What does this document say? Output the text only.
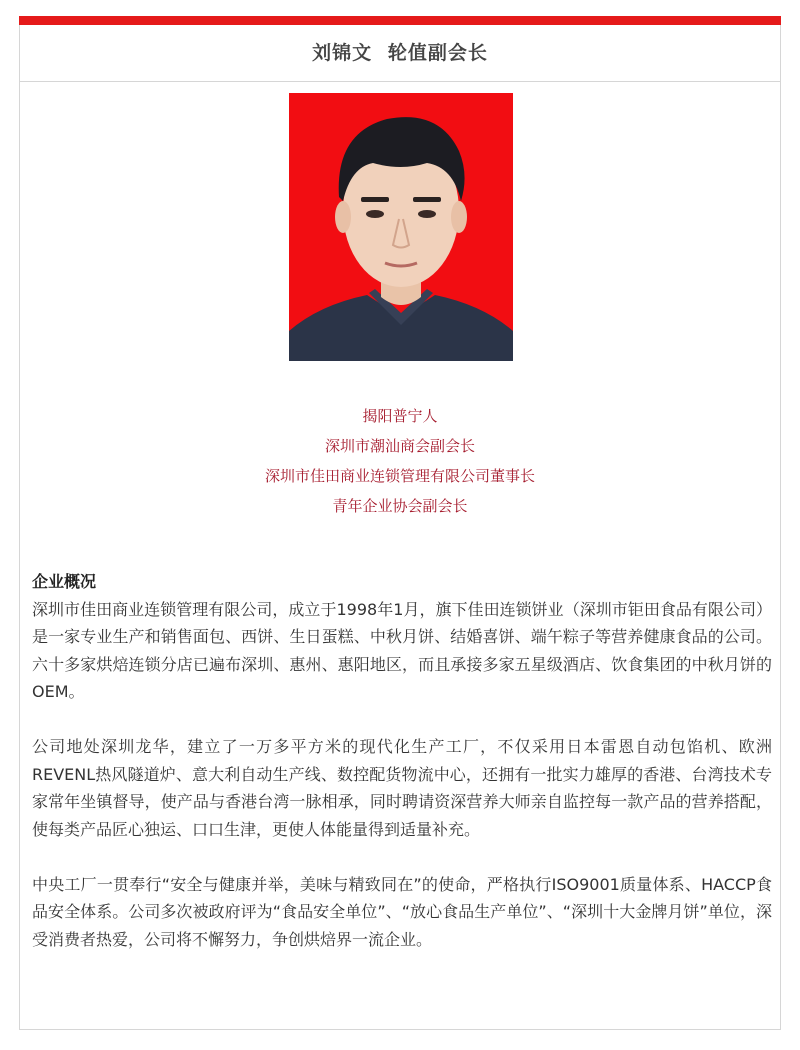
刘锦文 轮值副会长
揭阳普宁人
深圳市潮汕商会副会长
深圳市佳田商业连锁管理有限公司董事长
青年企业协会副会长
企业概况

深圳市佳田商业连锁管理有限公司，成立于1998年1月，旗下佳田连锁饼业（深圳市钜田食品有限公司）是一家专业生产和销售面包、西饼、生日蛋糕、中秋月饼、结婚喜饼、端午粽子等营养健康食品的公司。六十多家烘焙连锁分店已遍布深圳、惠州、惠阳地区，而且承接多家五星级酒店、饮食集团的中秋月饼的OEM。

公司地处深圳龙华，建立了一万多平方米的现代化生产工厂，不仅采用日本雷恩自动包馅机、欧洲REVENL热风隧道炉、意大利自动生产线、数控配货物流中心，还拥有一批实力雄厚的香港、台湾技术专家常年坐镇督导，使产品与香港台湾一脉相承，同时聘请资深营养大师亲自监控每一款产品的营养搭配，使每类产品匠心独运、口口生津，更使人体能量得到适量补充。

中央工厂一贯奉行“安全与健康并举，美味与精致同在”的使命，严格执行ISO9001质量体系、HACCP食品安全体系。公司多次被政府评为“食品安全单位”、“放心食品生产单位”、“深圳十大金牌月饼”单位，深受消费者热爱，公司将不懈努力，争创烘焙界一流企业。
